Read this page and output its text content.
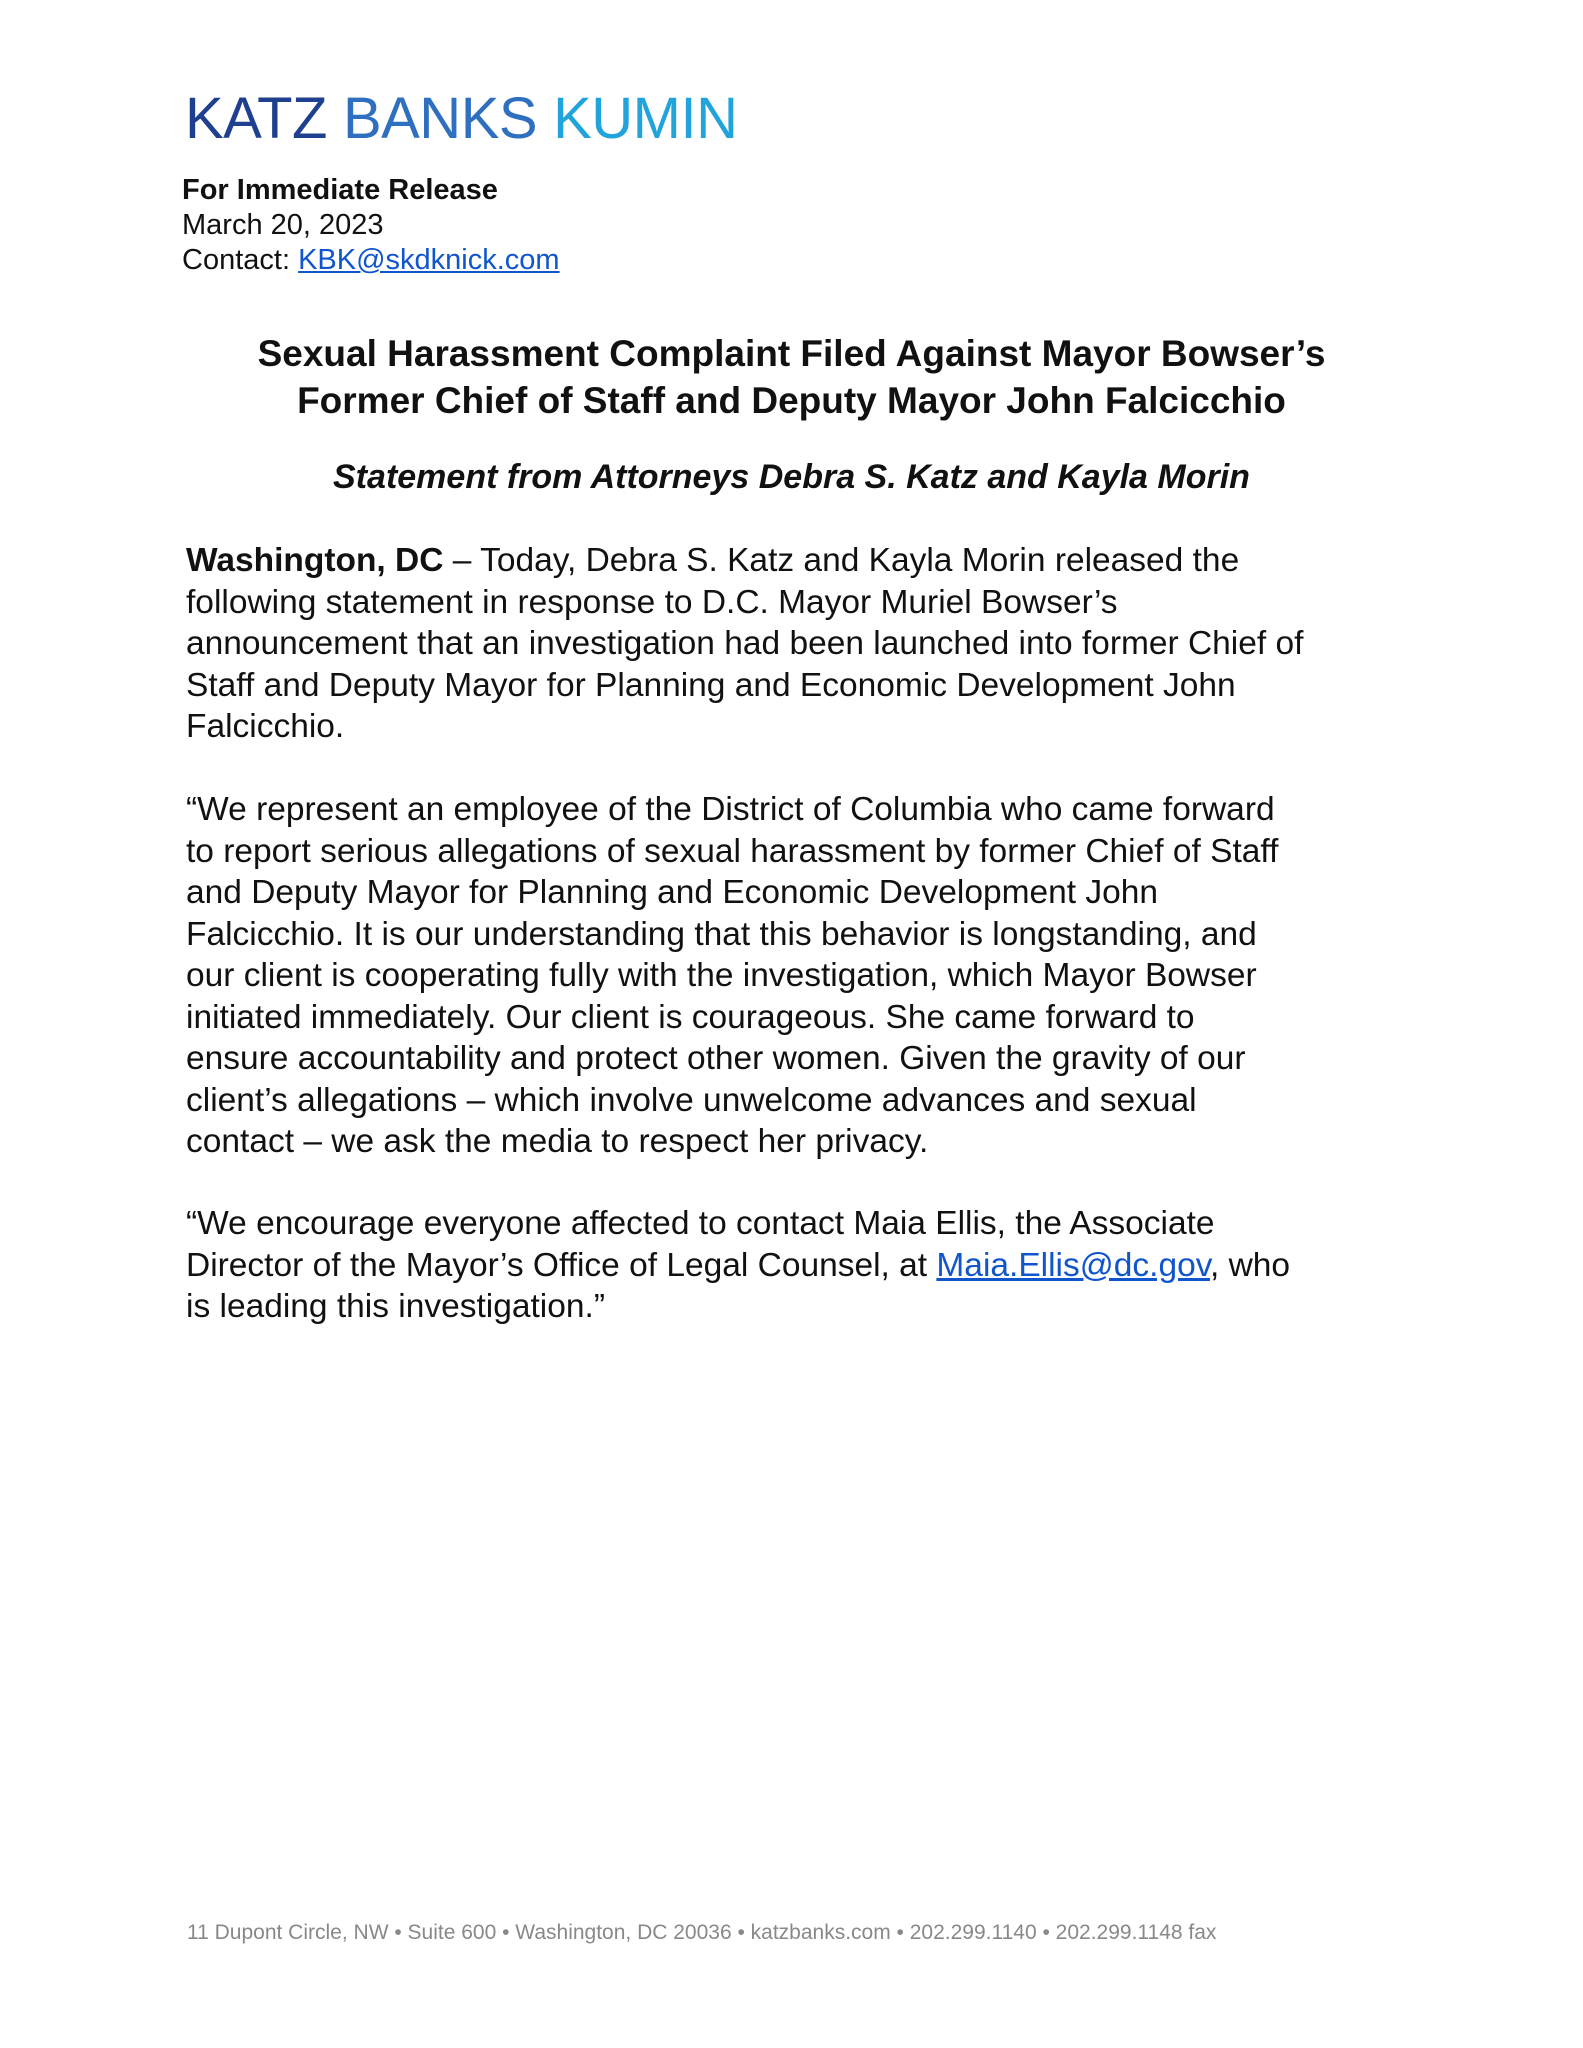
KATZ BANKS KUMIN
For Immediate Release
March 20, 2023
Contact: KBK@skdknick.com
Sexual Harassment Complaint Filed Against Mayor Bowser’s
Former Chief of Staff and Deputy Mayor John Falcicchio
Statement from Attorneys Debra S. Katz and Kayla Morin
Washington, DC – Today, Debra S. Katz and Kayla Morin released the
following statement in response to D.C. Mayor Muriel Bowser’s
announcement that an investigation had been launched into former Chief of
Staff and Deputy Mayor for Planning and Economic Development John
Falcicchio.
“We represent an employee of the District of Columbia who came forward
to report serious allegations of sexual harassment by former Chief of Staff
and Deputy Mayor for Planning and Economic Development John
Falcicchio. It is our understanding that this behavior is longstanding, and
our client is cooperating fully with the investigation, which Mayor Bowser
initiated immediately. Our client is courageous. She came forward to
ensure accountability and protect other women. Given the gravity of our
client’s allegations – which involve unwelcome advances and sexual
contact – we ask the media to respect her privacy.
“We encourage everyone affected to contact Maia Ellis, the Associate
Director of the Mayor’s Office of Legal Counsel, at Maia.Ellis@dc.gov, who
is leading this investigation.”
11 Dupont Circle, NW • Suite 600 • Washington, DC 20036 • katzbanks.com • 202.299.1140 • 202.299.1148 fax
